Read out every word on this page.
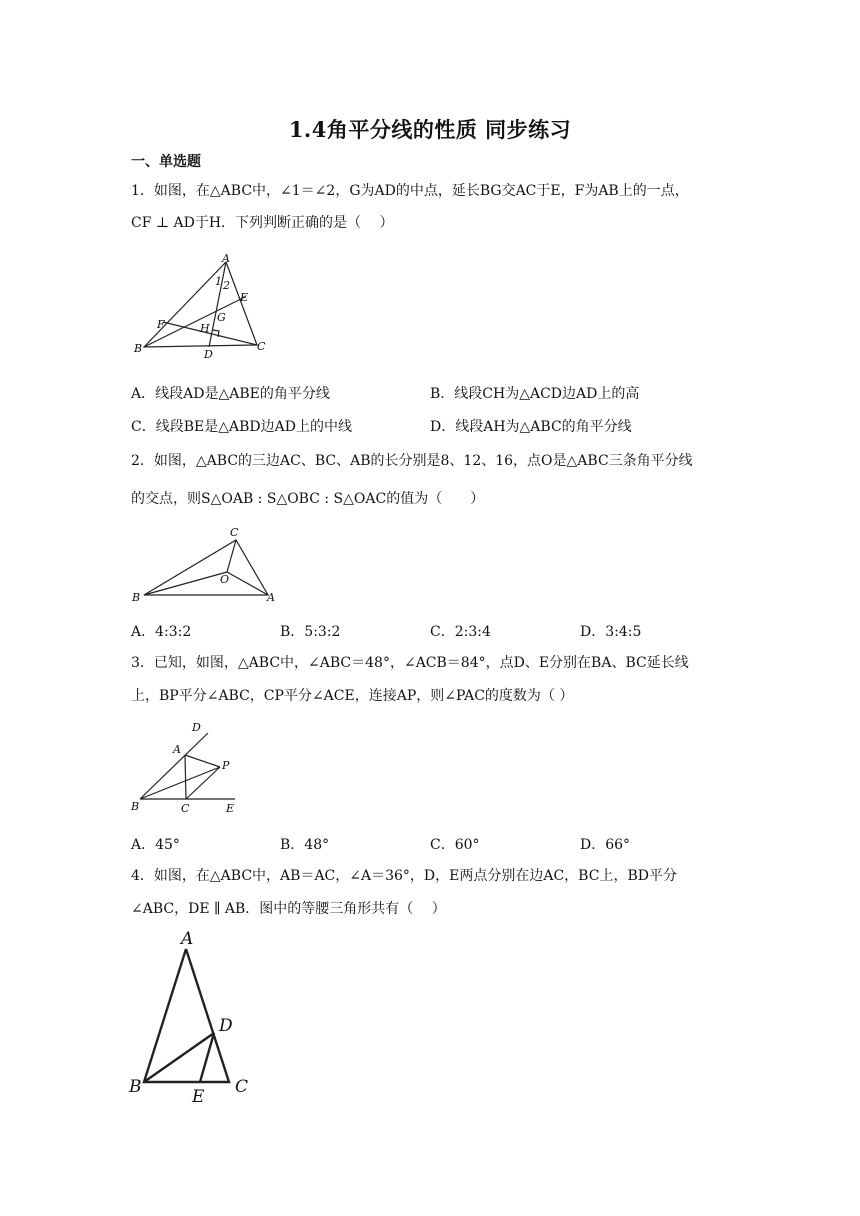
1.4角平分线的性质 同步练习
一、单选题
1．如图，在△ABC中，∠1＝∠2，G为AD的中点，延长BG交AC于E，F为AB上的一点，
CF ⊥ AD于H．下列判断正确的是（　 ）
A
1 2
E
F
G
H
B	D
C
A．线段AD是△ABE的角平分线	B．线段CH为△ACD边AD上的高
C．线段BE是△ABD边AD上的中线	D．线段AH为△ABC的角平分线
2．如图，△ABC的三边AC、BC、AB的长分别是8、12、16，点O是△ABC三条角平分线
的交点，则S△OAB : S△OBC : S△OAC的值为（　　）
C
O
B	A
A．4:3:2	B．5:3:2	C．2:3:4	D．3:4:5
3．已知，如图，△ABC中，∠ABC＝48°，∠ACB＝84°，点D、E分别在BA、BC延长线
上，BP平分∠ABC，CP平分∠ACE，连接AP，则∠PAC的度数为（ ）
D
A
P
B	C	E
A．45°	B．48°	C．60°	D．66°
4．如图，在△ABC中，AB＝AC，∠A＝36°，D，E两点分别在边AC，BC上，BD平分
∠ABC，DE ∥ AB．图中的等腰三角形共有（　 ）
A
D
B	E C
